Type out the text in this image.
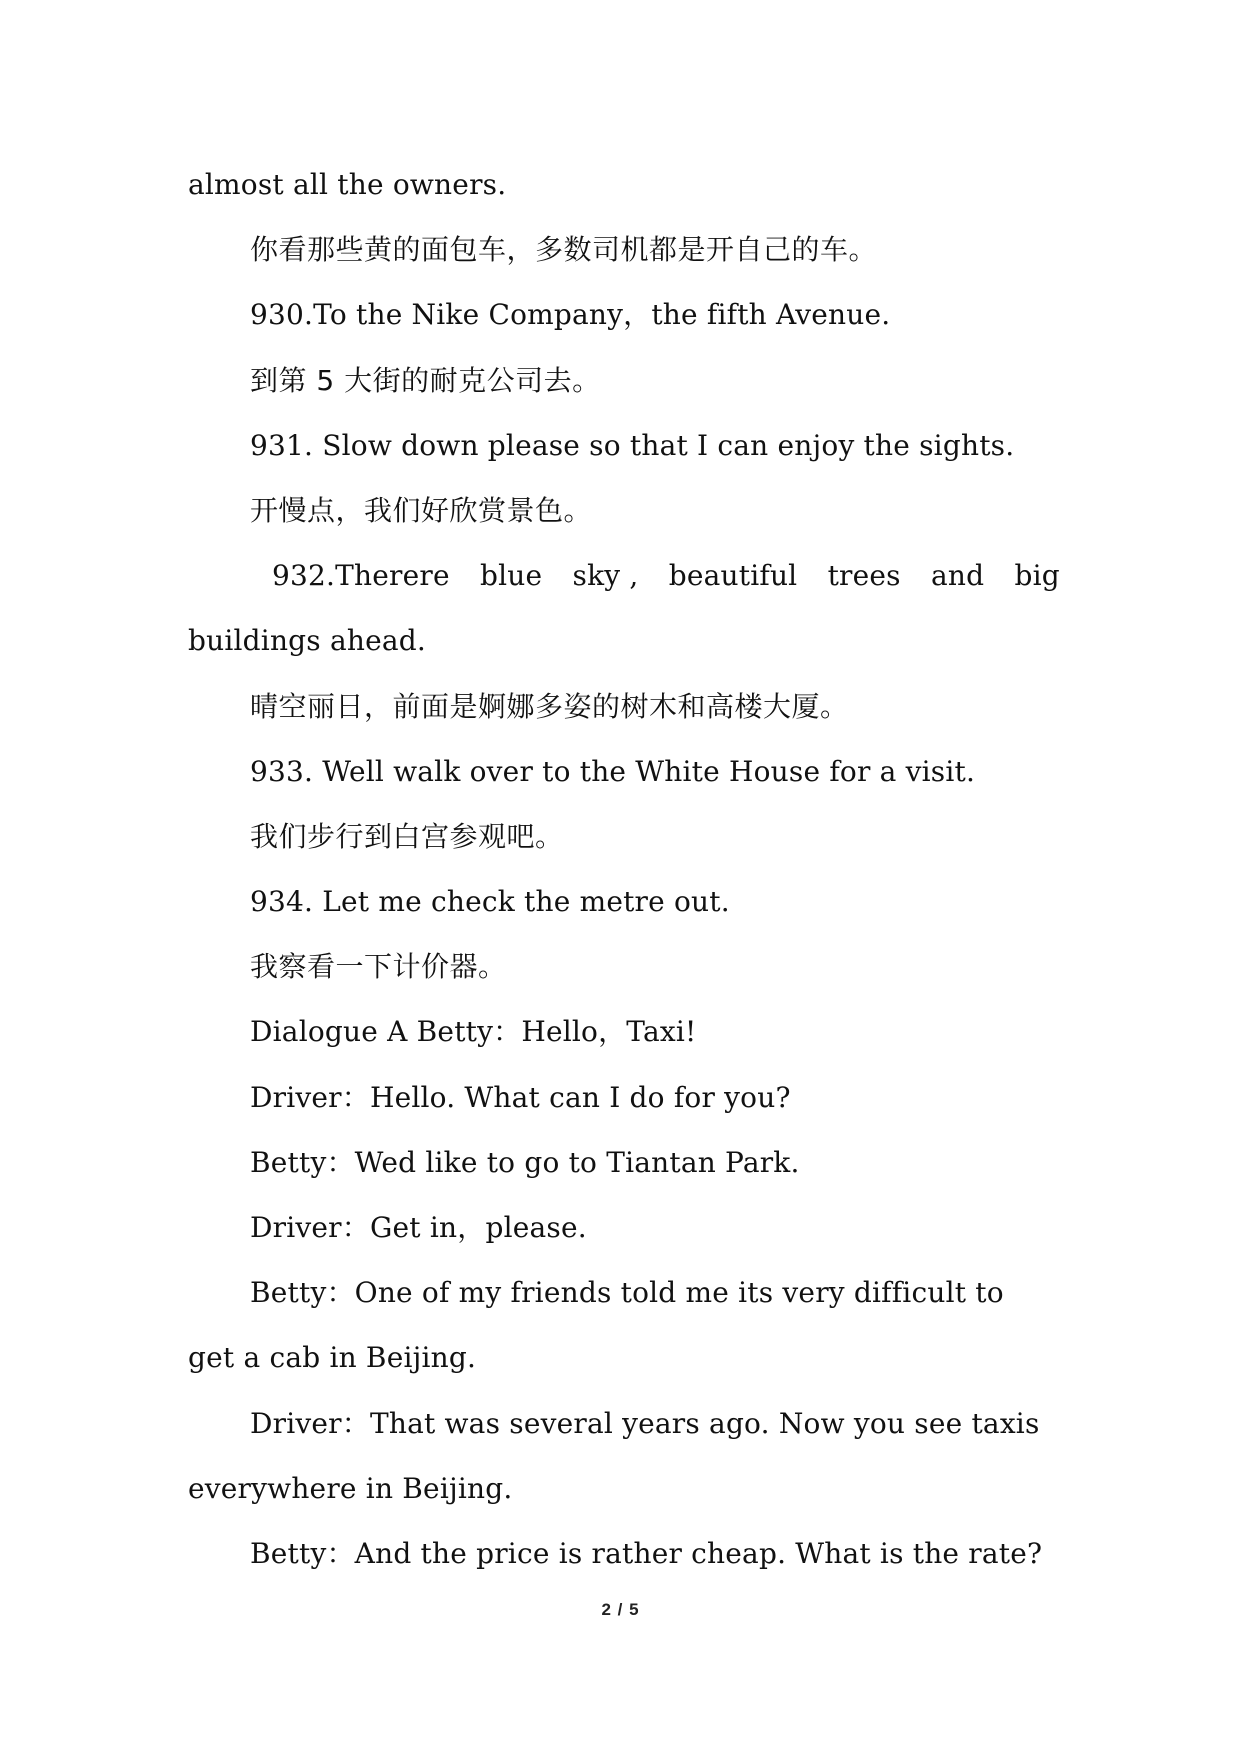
almost all the owners.

你看那些黄的面包车，多数司机都是开自己的车。

930.To the Nike Company，the fifth Avenue.

到第 5 大街的耐克公司去。

931. Slow down please so that I can enjoy the sights.

开慢点，我们好欣赏景色。

932.Therere blue sky , beautiful trees and big

buildings ahead.

晴空丽日，前面是婀娜多姿的树木和高楼大厦。

933. Well walk over to the White House for a visit.

我们步行到白宫参观吧。

934. Let me check the metre out.

我察看一下计价器。

Dialogue A Betty：Hello，Taxi!

Driver：Hello. What can I do for you?

Betty：Wed like to go to Tiantan Park.

Driver：Get in，please.

Betty：One of my friends told me its very difficult to

get a cab in Beijing.

Driver：That was several years ago. Now you see taxis

everywhere in Beijing.

Betty：And the price is rather cheap. What is the rate?

2 / 5
